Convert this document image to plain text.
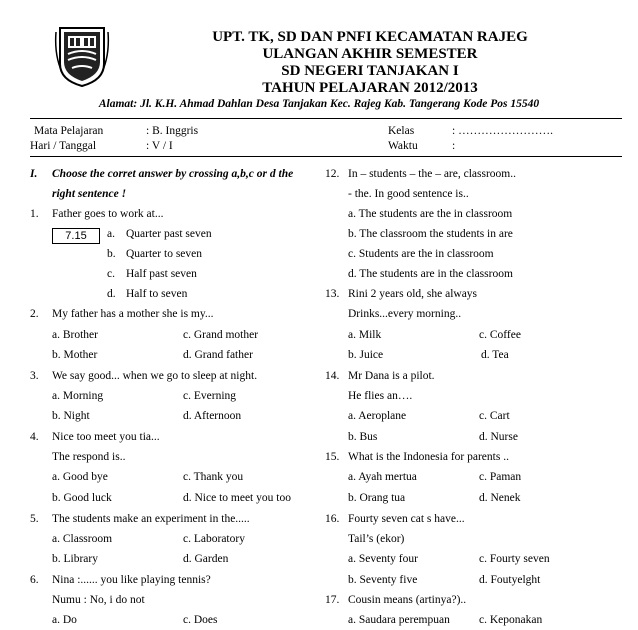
UPT. TK, SD DAN PNFI KECAMATAN RAJEG
ULANGAN AKHIR SEMESTER
SD NEGERI TANJAKAN I
TAHUN PELAJARAN 2012/2013
Alamat: Jl. K.H. Ahmad Dahlan Desa Tanjakan Kec. Rajeg Kab. Tangerang Kode Pos 15540
Mata Pelajaran	: B. Inggris
Hari / Tanggal	: V / I
Kelas	: …………………….
Waktu	:
I. Choose the corret answer by crossing a,b,c or d the
right sentence !
1. Father goes to work at...
7.15	a. Quarter past seven
b. Quarter to seven
c. Half past seven
d. Half to seven
2. My father has a mother she is my...
a. Brother	c. Grand mother
b. Mother	d. Grand father
3. We say good... when we go to sleep at night.
a. Morning	c. Everning
b. Night	d. Afternoon
4. Nice too meet you tia...
The respond is..
a. Good bye	c. Thank you
b. Good luck	d. Nice to meet you too
5. The students make an experiment in the.....
a. Classroom	c. Laboratory
b. Library	d. Garden
6. Nina :...... you like playing tennis?
Numu : No, i do not
a. Do	c. Does
12. In – students – the – are, classroom..
- the. In good sentence is..
a. The students are the in classroom
b. The classroom the students in are
c. Students are the in classroom
d. The students are in the classroom
13. Rini 2 years old, she always
Drinks...every morning..
a. Milk	c. Coffee
b. Juice	d. Tea
14. Mr Dana is a pilot.
He flies an….
a. Aeroplane	c. Cart
b. Bus	d. Nurse
15. What is the Indonesia for parents ..
a. Ayah mertua	c. Paman
b. Orang tua	d. Nenek
16. Fourty seven cat s have...
Tail’s (ekor)
a. Seventy four	c. Fourty seven
b. Seventy five	d. Foutyelght
17. Cousin means (artinya?)..
a. Saudara perempuan	c. Keponakan
